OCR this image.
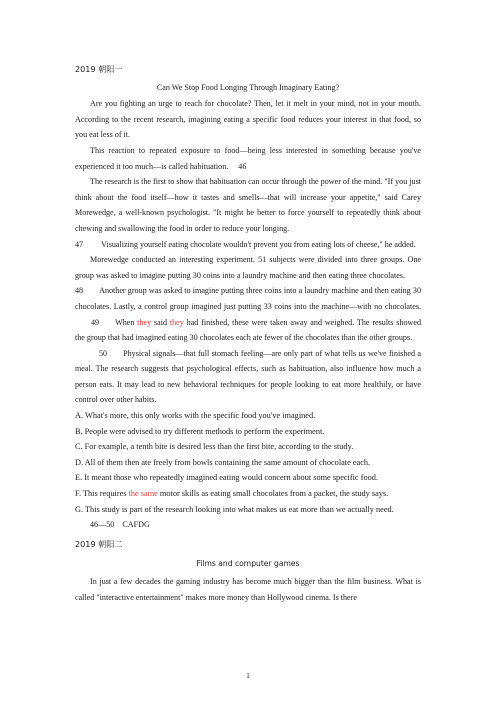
2019 朝阳一

Can We Stop Food Longing Through Imaginary Eating?

Are you fighting an urge to reach for chocolate? Then, let it melt in your mind, not in your mouth. According to the recent research, imagining eating a specific food reduces your interest in that food, so you eat less of it.

This reaction to repeated exposure to food—being less interested in something because you've experienced it too much—is called habituation. 46

The research is the first to show that habituation can occur through the power of the mind. "If you just think about the food itself—how it tastes and smells—that will increase your appetite," said Carey Morewedge, a well-known psychologist. "It might be better to force yourself to repeatedly think about chewing and swallowing the food in order to reduce your longing.
47 Visualizing yourself eating chocolate wouldn't prevent you from eating lots of cheese," he added.

Morewedge conducted an interesting experiment. 51 subjects were divided into three groups. One group was asked to imagine putting 30 coins into a laundry machine and then eating three chocolates.48 Another group was asked to imagine putting three coins into a laundry machine and then eating 30 chocolates. Lastly, a control group imagined just putting 33 coins into the machine—with no chocolates.49 When they said they had finished, these were taken away and weighed. The results showed the group that had imagined eating 30 chocolates each ate fewer of the chocolates than the other groups.

50 Physical signals—that full stomach feeling—are only part of what tells us we've finished a meal. The research suggests that psychological effects, such as habituation, also influence how much a person eats. It may lead to new behavioral techniques for people looking to eat more healthily, or have control over other habits.

A. What's more, this only works with the specific food you've imagined.

B. People were advised to try different methods to perform the experiment.

C. For example, a tenth bite is desired less than the first bite, according to the study.

D. All of them then ate freely from bowls containing the same amount of chocolate each.

E. It meant those who repeatedly imagined eating would concern about some specific food.

F. This requires the same motor skills as eating small chocolates from a packet, the study says.

G. This study is part of the research looking into what makes us eat more than we actually need.

46—50　CAFDG

2019 朝阳二

Films and computer games

In just a few decades the gaming industry has become much bigger than the film business. What is called "interactive entertainment" makes more money than Hollywood cinema. Is there

1
